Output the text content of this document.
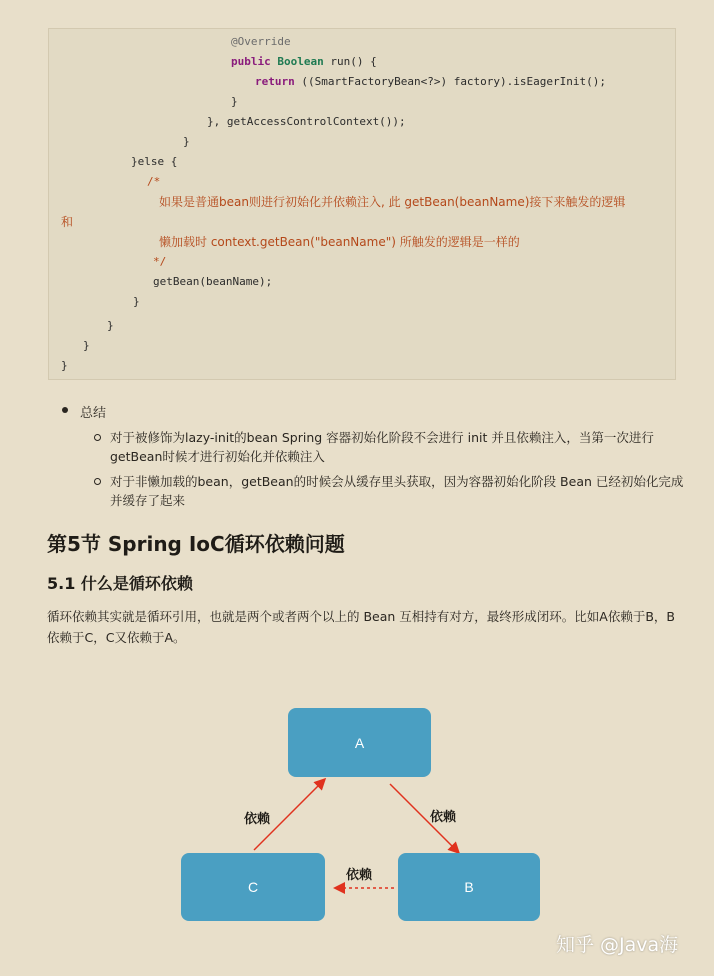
@Override
public Boolean run() {
return ((SmartFactoryBean<?>) factory).isEagerInit();
}
}, getAccessControlContext());
}
}else {
/*
如果是普通bean则进行初始化并依赖注入, 此 getBean(beanName)接下来触发的逻辑
和
懒加载时 context.getBean("beanName") 所触发的逻辑是一样的
*/
getBean(beanName);
}
}
}
}
总结
对于被修饰为lazy-init的bean Spring 容器初始化阶段不会进行 init 并且依赖注入，当第一次进行getBean时候才进行初始化并依赖注入
对于非懒加载的bean，getBean的时候会从缓存里头获取，因为容器初始化阶段 Bean 已经初始化完成并缓存了起来
第5节 Spring IoC循环依赖问题
5.1 什么是循环依赖
循环依赖其实就是循环引用，也就是两个或者两个以上的 Bean 互相持有对方，最终形成闭环。比如A依赖于B，B依赖于C，C又依赖于A。
A
C	B
依赖	依赖
依赖
知乎 @Java海
